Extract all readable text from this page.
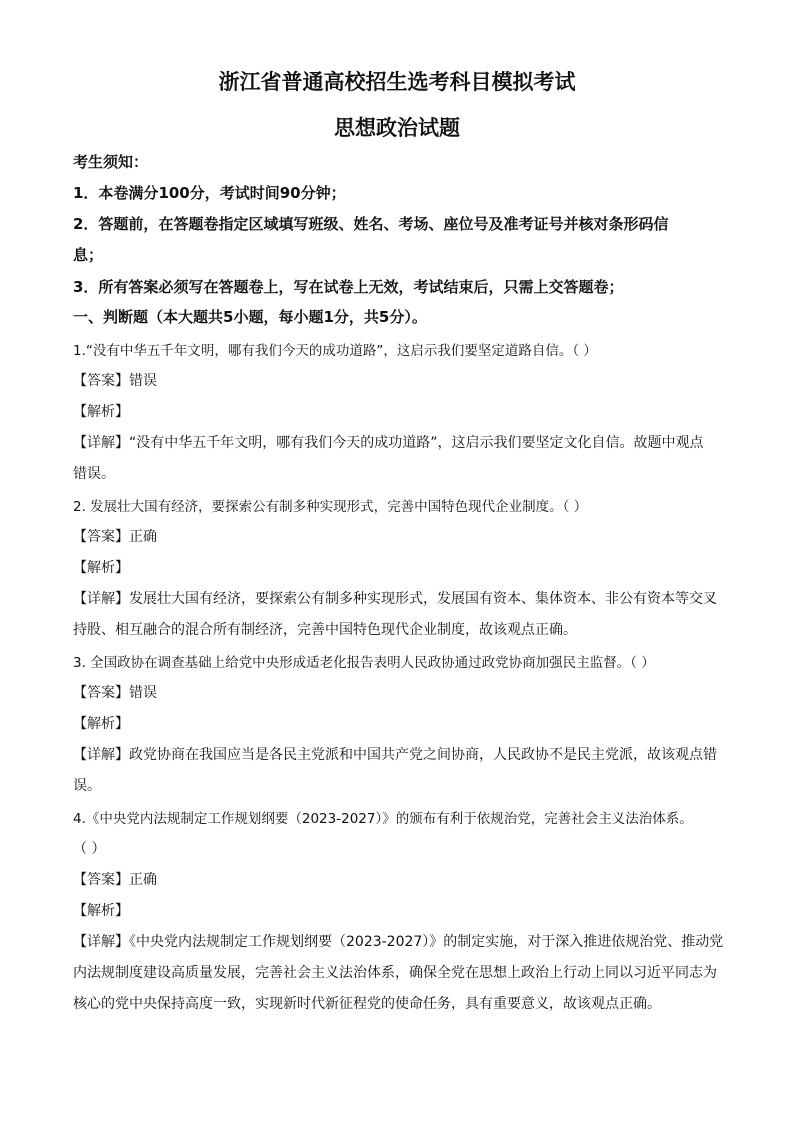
浙江省普通高校招生选考科目模拟考试
思想政治试题
考生须知：
1．本卷满分100分，考试时间90分钟；
2．答题前，在答题卷指定区域填写班级、姓名、考场、座位号及准考证号并核对条形码信
息；
3．所有答案必须写在答题卷上，写在试卷上无效，考试结束后，只需上交答题卷；
一、判断题（本大题共5小题，每小题1分，共5分）。
1.“没有中华五千年文明，哪有我们今天的成功道路”，这启示我们要坚定道路自信。（ ）
【答案】错误
【解析】
【详解】“没有中华五千年文明，哪有我们今天的成功道路”，这启示我们要坚定文化自信。故题中观点
错误。
2. 发展壮大国有经济，要探索公有制多种实现形式，完善中国特色现代企业制度。（ ）
【答案】正确
【解析】
【详解】发展壮大国有经济，要探索公有制多种实现形式，发展国有资本、集体资本、非公有资本等交叉
持股、相互融合的混合所有制经济，完善中国特色现代企业制度，故该观点正确。
3. 全国政协在调查基础上给党中央形成适老化报告表明人民政协通过政党协商加强民主监督。（ ）
【答案】错误
【解析】
【详解】政党协商在我国应当是各民主党派和中国共产党之间协商，人民政协不是民主党派，故该观点错
误。
4.《中央党内法规制定工作规划纲要（2023-2027）》的颁布有利于依规治党，完善社会主义法治体系。
（ ）
【答案】正确
【解析】
【详解】《中央党内法规制定工作规划纲要（2023-2027）》的制定实施，对于深入推进依规治党、推动党
内法规制度建设高质量发展，完善社会主义法治体系，确保全党在思想上政治上行动上同以习近平同志为
核心的党中央保持高度一致，实现新时代新征程党的使命任务，具有重要意义，故该观点正确。
